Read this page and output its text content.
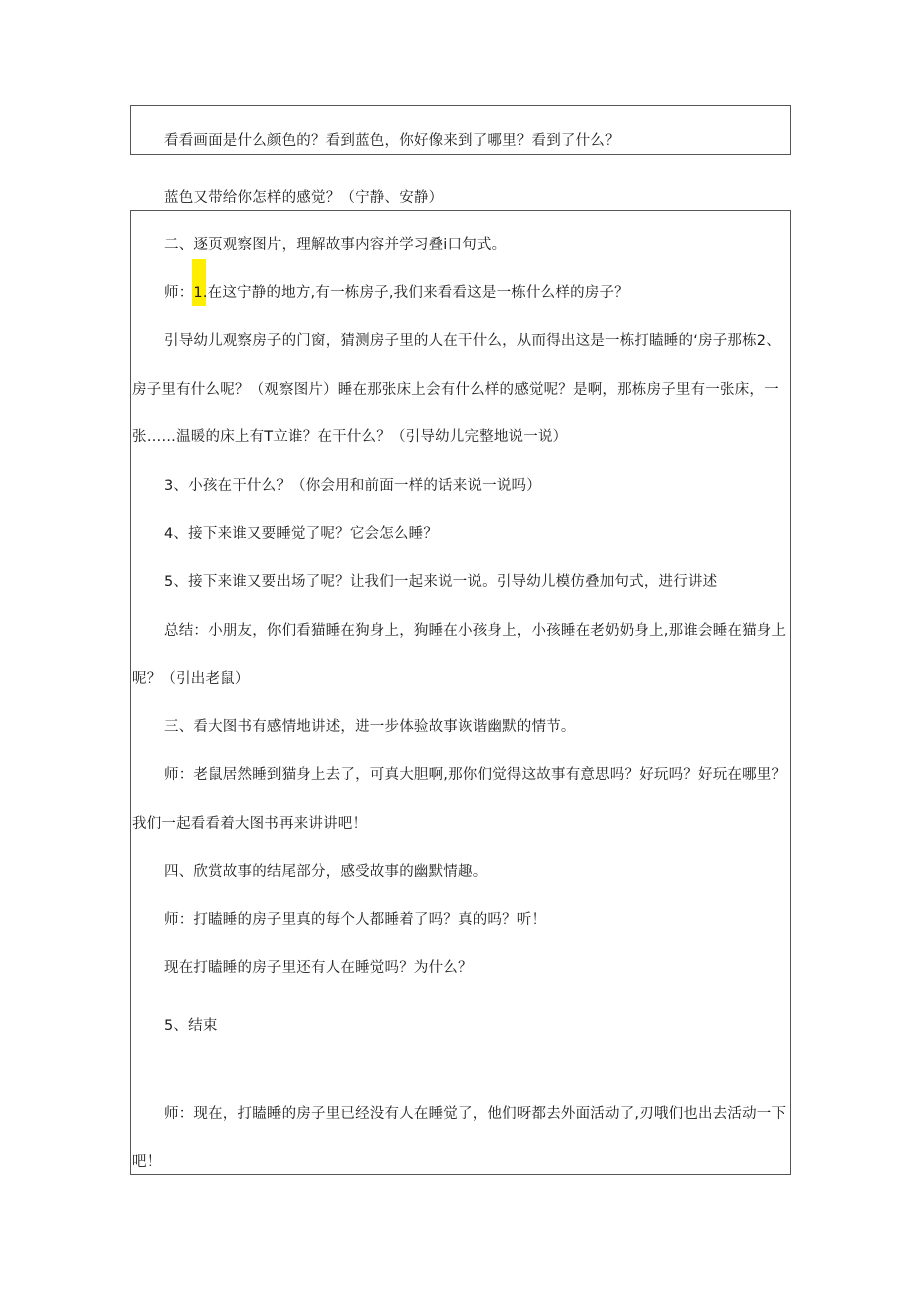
看看画面是什么颜色的？看到蓝色，你好像来到了哪里？看到了什么？
蓝色又带给你怎样的感觉？（宁静、安静）
二、逐页观察图片，理解故事内容并学习叠i口句式。
师：1.在这宁静的地方,有一栋房子,我们来看看这是一栋什么样的房子？
引导幼儿观察房子的门窗，猜测房子里的人在干什么，从而得出这是一栋打瞌睡的‘房子那栋2、
房子里有什么呢？（观察图片）睡在那张床上会有什么样的感觉呢？是啊，那栋房子里有一张床，一
张……温暖的床上有T立谁？在干什么？（引导幼儿完整地说一说）
3、小孩在干什么？（你会用和前面一样的话来说一说吗）
4、接下来谁又要睡觉了呢？它会怎么睡？
5、接下来谁又要出场了呢？让我们一起来说一说。引导幼儿模仿叠加句式，进行讲述
总结：小朋友，你们看猫睡在狗身上，狗睡在小孩身上，小孩睡在老奶奶身上,那谁会睡在猫身上
呢？（引出老鼠）
三、看大图书有感情地讲述，进一步体验故事诙谐幽默的情节。
师：老鼠居然睡到猫身上去了，可真大胆啊,那你们觉得这故事有意思吗？好玩吗？好玩在哪里？
我们一起看看着大图书再来讲讲吧！
四、欣赏故事的结尾部分，感受故事的幽默情趣。
师：打瞌睡的房子里真的每个人都睡着了吗？真的吗？听！
现在打瞌睡的房子里还有人在睡觉吗？为什么？
5、结束
师：现在，打瞌睡的房子里已经没有人在睡觉了，他们呀都去外面活动了,刃哦们也出去活动一下
吧！
